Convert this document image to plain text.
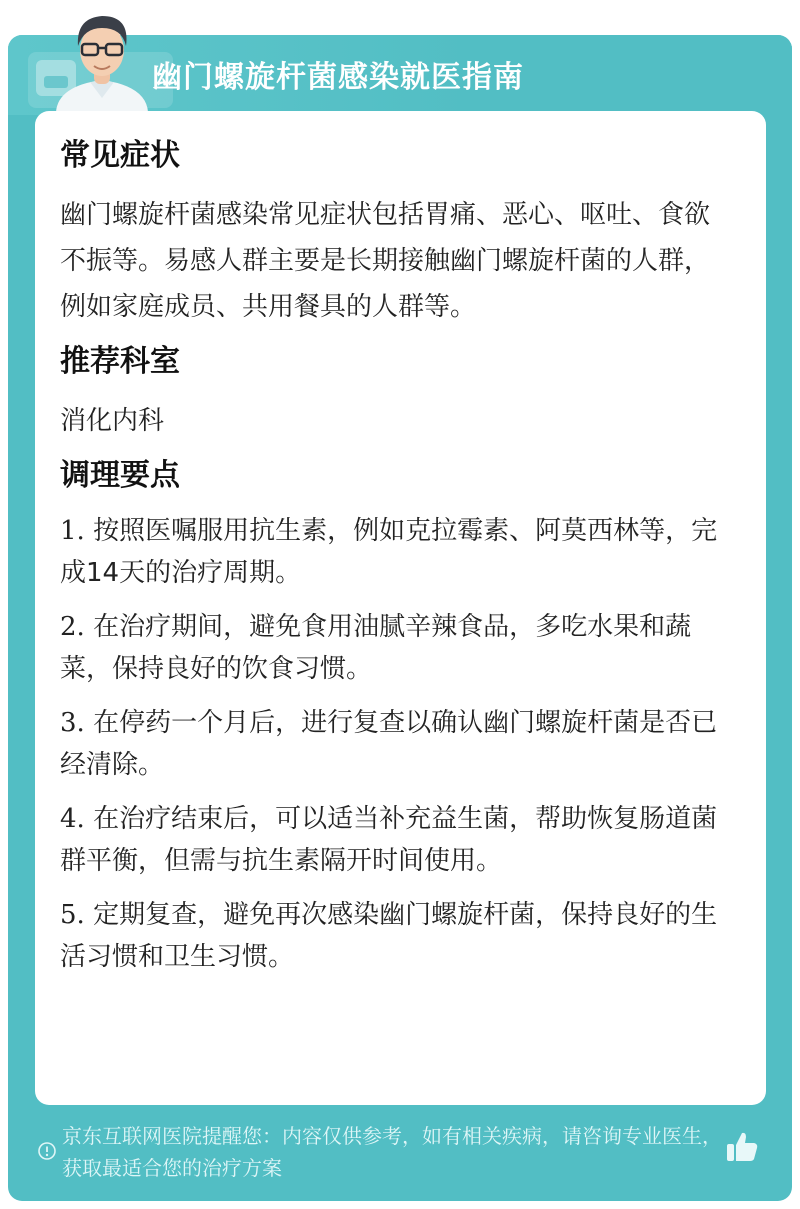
幽门螺旋杆菌感染就医指南
常见症状

幽门螺旋杆菌感染常见症状包括胃痛、恶心、呕吐、食欲不振等。易感人群主要是长期接触幽门螺旋杆菌的人群，例如家庭成员、共用餐具的人群等。

推荐科室

消化内科

调理要点
1. 按照医嘱服用抗生素，例如克拉霉素、阿莫西林等，完成14天的治疗周期。
2. 在治疗期间，避免食用油腻辛辣食品，多吃水果和蔬菜，保持良好的饮食习惯。
3. 在停药一个月后，进行复查以确认幽门螺旋杆菌是否已经清除。
4. 在治疗结束后，可以适当补充益生菌，帮助恢复肠道菌群平衡，但需与抗生素隔开时间使用。
5. 定期复查，避免再次感染幽门螺旋杆菌，保持良好的生活习惯和卫生习惯。
京东互联网医院提醒您：内容仅供参考，如有相关疾病，请咨询专业医生，获取最适合您的治疗方案
